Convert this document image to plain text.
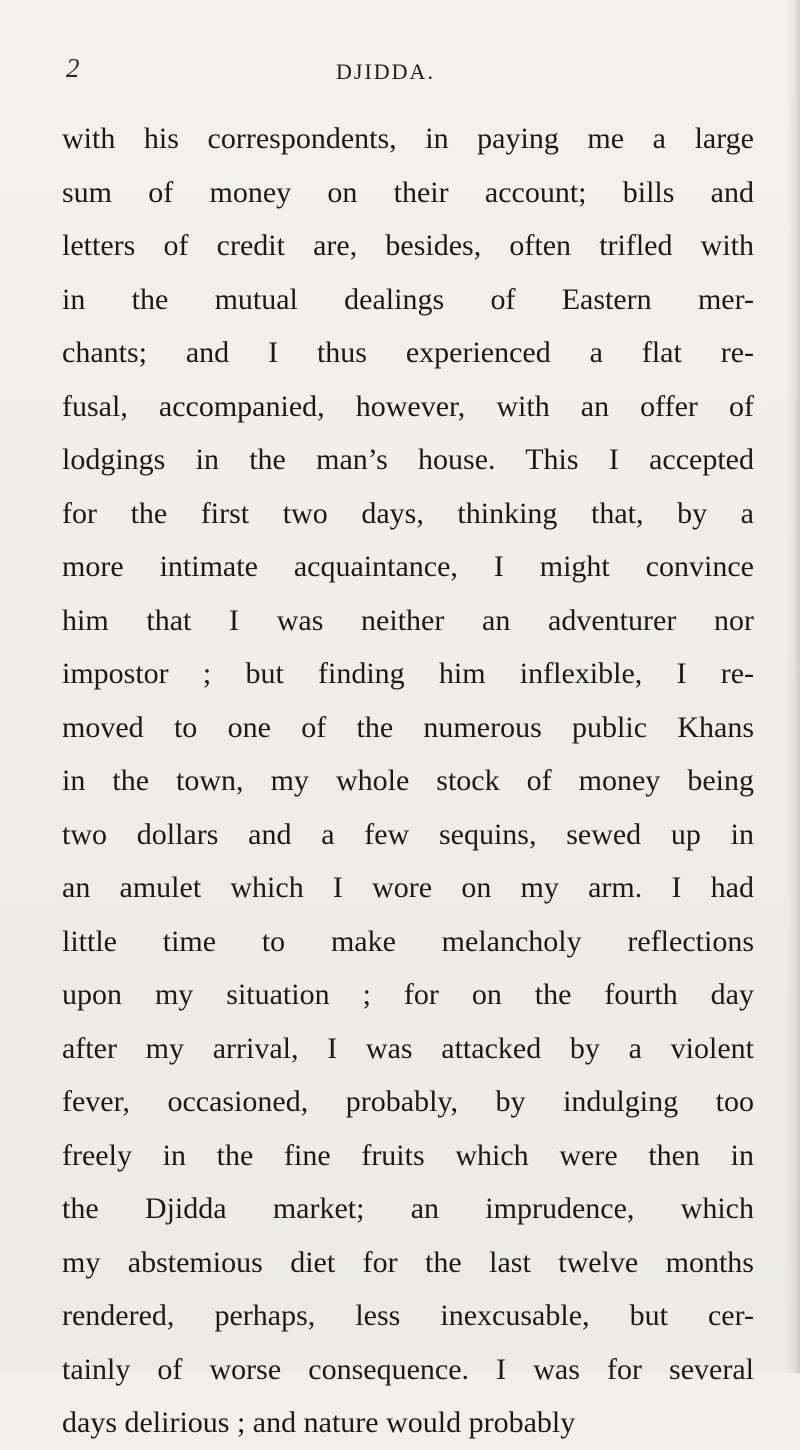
2	DJIDDA.
with his correspondents, in paying me a large
sum of money on their account; bills and
letters of credit are, besides, often trifled with
in the mutual dealings of Eastern mer-
chants; and I thus experienced a flat re-
fusal, accompanied, however, with an offer of
lodgings in the man’s house. This I accepted
for the first two days, thinking that, by a
more intimate acquaintance, I might convince
him that I was neither an adventurer nor
impostor ; but finding him inflexible, I re-
moved to one of the numerous public Khans
in the town, my whole stock of money being
two dollars and a few sequins, sewed up in
an amulet which I wore on my arm. I had
little time to make melancholy reflections
upon my situation ; for on the fourth day
after my arrival, I was attacked by a violent
fever, occasioned, probably, by indulging too
freely in the fine fruits which were then in
the Djidda market; an imprudence, which
my abstemious diet for the last twelve months
rendered, perhaps, less inexcusable, but cer-
tainly of worse consequence. I was for several
days delirious ; and nature would probably
